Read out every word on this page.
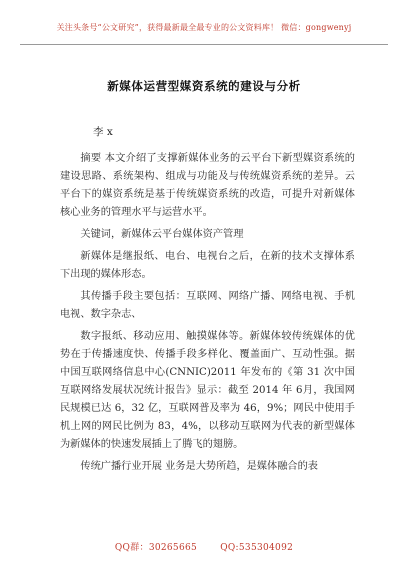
关注头条号“公文研究”，获得最新最全最专业的公文资料库！ 微信：gongwenyj
新媒体运营型媒资系统的建设与分析
李 x

摘要 本文介绍了支撑新媒体业务的云平台下新型媒资系统的建设思路、系统架构、组成与功能及与传统媒资系统的差异。云平台下的媒资系统是基于传统媒资系统的改造，可提升对新媒体核心业务的管理水平与运营水平。

关键词，新媒体云平台媒体资产管理

新媒体是继报纸、电台、电视台之后，在新的技术支撑体系下出现的媒体形态。

其传播手段主要包括：互联网、网络广播、网络电视、手机电视、数字杂志、

数字报纸、移动应用、触摸媒体等。新媒体较传统媒体的优势在于传播速度快、传播手段多样化、覆盖面广、互动性强。据中国互联网络信息中心(CNNIC)2011 年发布的《第 31 次中国互联网络发展状况统计报告》显示：截至 2014 年 6月，我国网民规模已达 6，32 亿，互联网普及率为 46，9%；网民中使用手机上网的网民比例为 83，4%，以移动互联网为代表的新型媒体为新媒体的快速发展插上了腾飞的翅膀。

传统广播行业开展 业务是大势所趋，是媒体融合的表

QQ群：30265665	QQ:535304092
